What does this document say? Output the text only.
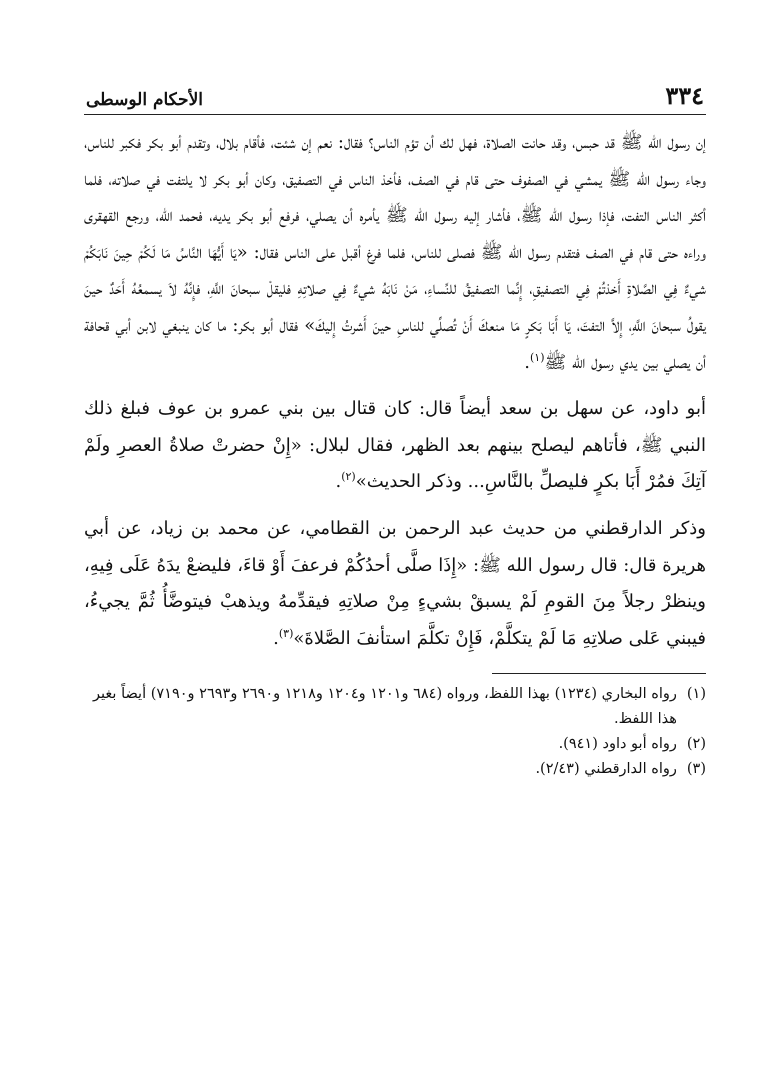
٣٣٤
الأحكام الوسطى

إن رسول الله ﷺ قد حبس، وقد حانت الصلاة، فهل لك أن تؤم الناس؟ فقال: نعم إن شئت، فأقام بلال، وتقدم أبو بكر فكبر للناس، وجاء رسول الله ﷺ يمشي في الصفوف حتى قام في الصف، فأخذ الناس في التصفيق، وكان أبو بكر لا يلتفت في صلاته، فلما أكثر الناس التفت، فإذا رسول الله ﷺ، فأشار إليه رسول الله ﷺ يأمره أن يصلي، فرفع أبو بكر يديه، فحمد الله، ورجع القهقرى وراءه حتى قام في الصف فتقدم رسول الله ﷺ فصلى للناس، فلما فرغ أقبل على الناس فقال: «يَا أَيُّهَا النَّاسُ مَا لَكُمْ حِينَ نَابَكُمْ شيءٌ فِي الصَّلاةِ أَخذتُمْ فِي التصفيقِ، إِنَّما التصفيقُ للنِّساءِ، مَنْ نَابَهُ شيءٌ فِي صلاتِهِ فليقلْ سبحانَ اللَّهِ، فإِنَّهُ لاَ يسمعُهُ أَحَدٌ حينَ يقولُ سبحانَ اللَّهِ، إِلاَّ التفتَ، يَا أَبَا بَكرٍ مَا منعكَ أَنْ تُصلِّي للناسِ حينَ أَشرتُ إِليكَ» فقال أبو بكر: ما كان ينبغي لابن أبي قحافة أن يصلي بين يدي رسول الله ﷺ$^{(١)}$.

أبو داود، عن سهل بن سعد أيضاً قال: كان قتال بين بني عمرو بن عوف فبلغ ذلك النبي ﷺ، فأتاهم ليصلح بينهم بعد الظهر، فقال لبلال: «إِنْ حضرتْ صلاةُ العصرِ ولَمْ آتِكَ فمُرْ أَبَا بكرٍ فليصلِّ بالنَّاسِ... وذكر الحديث»$^{(٢)}$.

وذكر الدارقطني من حديث عبد الرحمن بن القطامي، عن محمد بن زياد، عن أبي هريرة قال: قال رسول الله ﷺ: «إِذَا صلَّى أحدُكُمْ فرعفَ أَوْ قاءَ، فليضعْ يدَهُ عَلَى فِيهِ، وينظرْ رجلاً مِنَ القومِ لَمْ يسبقْ بشيءٍ مِنْ صلاتِهِ فيقدِّمهُ ويذهبْ فيتوضَّأُ ثُمَّ يجيءُ، فيبني عَلى صلاتِهِ مَا لَمْ يتكلَّمْ، فَإِنْ تكلَّمَ استأنفَ الصَّلاةَ»$^{(٣)}$.

(١)
رواه البخاري (١٢٣٤) بهذا اللفظ، ورواه (٦٨٤ و١٢٠١ و١٢٠٤ و١٢١٨ و٢٦٩٠ و٢٦٩٣ و٧١٩٠) أيضاً بغير هذا اللفظ.
(٢)
رواه أبو داود (٩٤١).
(٣)
رواه الدارقطني (٢/٤٣).
